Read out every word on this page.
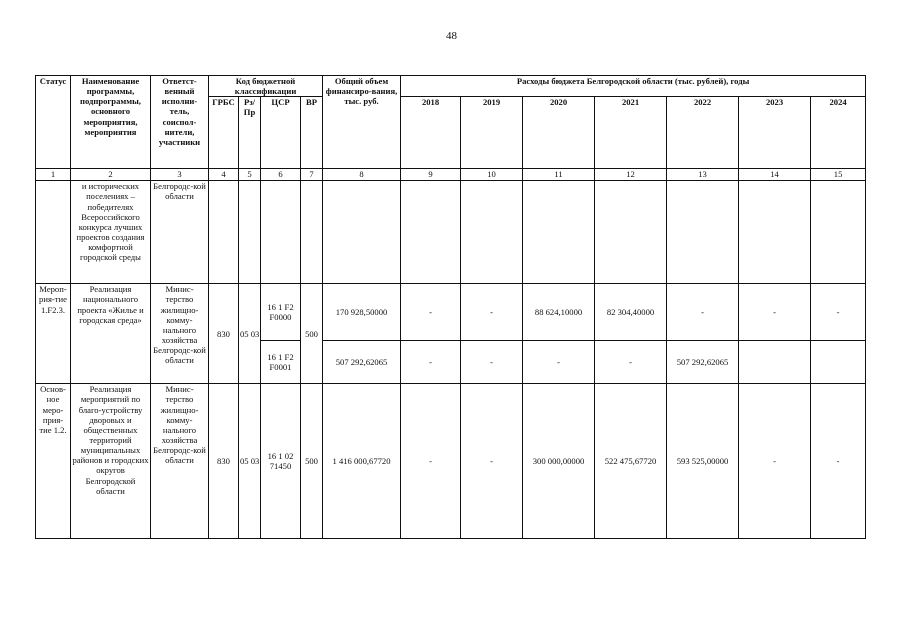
48
Статус	Наименование программы, подпрограммы, основного мероприятия, мероприятия	Ответст-венный исполни-тель, соиспол-нители, участники	Код бюджетной классификации				Общий объем финансиро-вания, тыс. руб.	Расходы бюджета Белгородской области (тыс. рублей), годы						
			ГРБС	Рз/ Пр	ЦСР	ВР		2018	2019	2020	2021	2022	2023	2024
1	2	3	4	5	6	7	8	9	10	11	12	13	14	15
	и исторических поселениях – победителях Всероссийского конкурса лучших проектов создания комфортной городской среды	Белгородс-кой области												
Мероп-рия-тие 1.F2.3.	Реализация национального проекта «Жилье и городская среда»	Минис-терство жилищно-комму-нального хозяйства Белгородс-кой области	830	05 03	16 1 F2 F0000	500	170 928,50000	-	-	88 624,10000	82 304,40000	-	-	-
					16 1 F2 F0001		507 292,62065	-	-	-	-	507 292,62065		
Основ-ное меро-прия-тие 1.2.	Реализация мероприятий по благо-устройству дворовых и общественных территорий муниципальных районов и городских округов Белгородской области	Минис-терство жилищно-комму-нального хозяйства Белгородс-кой области	830	05 03	16 1 02 71450	500	1 416 000,67720	-	-	300 000,00000	522 475,67720	593 525,00000	-	-
